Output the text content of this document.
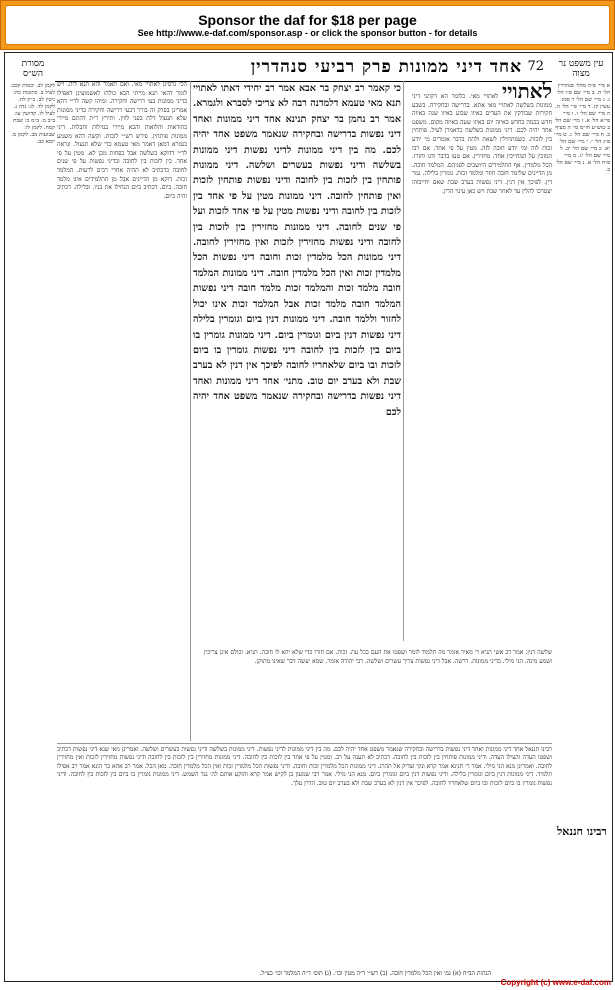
Sponsor the daf for $18 per page
See http://www.e-daf.com/sponsor.asp - or click the sponsor button - for details
מסורת הש״ס	אחד דיני ממונות פרק רביעי סנהדרין 72 עין משפט נר מצוה
לקמן לב. יבמות קכב: לעיל ב. כתובות כה: גיטין לב. ב״ק לח. לקמן לד. לג: נדה נ. לעיל לו. קדושין עו: ב״ב מ. ב״מ כ: שבת קמח. לקמן לו: שבועות מב. לקמן מ. יומא כב.
א מיי׳ פ״ה מהל׳ סנהדרין הל׳ ח. ב מיי׳ שם פ״ו הל׳ ג. ג מיי׳ שם הל׳ ד סמג עשין קז. ד מיי׳ פ״י הל׳ ה. ה מיי׳ שם הל׳ ו. ו מיי׳ פי״א הל׳ א. ז מיי׳ שם הל׳ ב טוש״ע חו״מ סי׳ ה סעיף ב. ח מיי׳ שם הל׳ ג. ט מיי׳ פ״ג הל׳ י. י מיי׳ שם הל׳ יא. כ מיי׳ שם הל׳ יב. ל מיי׳ שם הל׳ יג. מ מיי׳ פ״ח הל׳ א. נ מיי׳ שם הל׳ ב.
רבינו חננאל
לאתויי לאתויי מאי. כלומר הא דקתני דיני ממונות בשלשה לאתויי מאי אתא. בדרישה ובחקירה. בשבע חקירות שבודקין את העדים באיזו שבוע באיזו שנה באיזה חדש בכמה בחדש באיזה יום באיזו שעה באיזה מקום. משפט אחד יהיה לכם. דיני ממונות בשלשה כדאמרן לעיל. פותחין בין לזכות. כשמתחילין לשאת ולתת בדבר אומרים מי יודע זכות לזה ומי יודע חובה לזה. מטין על פי אחד. אם רבו המזכין על המחייבין אחד. מחזירין. אם טעו בדבר ודנו וחזרו. הכל מלמדין. אף התלמידים היושבים לפניהם. המלמד חובה. מן הדיינים שלימד חובה חוזר ומלמד זכות. גומרין בלילה. גמר דין. לפיכך אין דנין. דיני נפשות בערב שבת שאם יחייבוהו יצטרכו להלין עד לאחר שבת ויש כאן עינוי הדין.
כי קאמר רב יצחק בר אבא אמר רב יחידי דאתו לאתויי תנא מאי טעמא דלמדנה רבה לא צריכי לסברא ולגמרא. אמר רב נחמן בר יצחק תנינא אחד דיני ממונות ואחד דיני נפשות בדרישה ובחקירה שנאמר משפט אחד יהיה לכם. מה בין דיני ממונות לדיני נפשות דיני ממונות בשלשה ודיני נפשות בעשרים ושלשה. דיני ממונות פותחין בין לזכות בין לחובה ודיני נפשות פותחין לזכות ואין פותחין לחובה. דיני ממונות מטין על פי אחד בין לזכות בין לחובה ודיני נפשות מטין על פי אחד לזכות ועל פי שנים לחובה. דיני ממונות מחזירין בין לזכות בין לחובה ודיני נפשות מחזירין לזכות ואין מחזירין לחובה. דיני ממונות הכל מלמדין זכות וחובה דיני נפשות הכל מלמדין זכות ואין הכל מלמדין חובה. דיני ממונות המלמד חובה מלמד זכות והמלמד זכות מלמד חובה דיני נפשות המלמד חובה מלמד זכות אבל המלמד זכות אינו יכול לחזור וללמד חובה. דיני ממונות דנין ביום וגומרין בלילה דיני נפשות דנין ביום וגומרין ביום. דיני ממונות גומרין בו ביום בין לזכות בין לחובה דיני נפשות גומרין בו ביום לזכות ובו ביום שלאחריו לחובה לפיכך אין דנין לא בערב שבת ולא בערב יום טוב. מתני׳ אחד דיני ממונות ואחד דיני נפשות בדרישה ובחקירה שנאמר משפט אחד יהיה לכם
הכי גרסינן לאתויי מאי. ואם תאמר והא תנא ליה. ויש לומר דהאי תנא מייתי הכא כולהו לאשמועינן דאפילו בדיני ממונות בעי דרישה וחקירה. ומיהו קשה לר״י דהא אמרינן בפרק זה בורר דבעי דרישה וחקירה בדיני ממונות שלא תנעול דלת בפני לווין. ותירץ ר״ת דהתם מיירי בהודאות והלואות והכא מיירי בגזילות וחבלות. דיני ממונות פותחין. פירש רש״י לזכות. וקשה דהא משמע בגמרא דמאן דאמר מאי טעמא כדי שלא תנעול. ונראה לר״י דדוקא בשלשה אבל בפחות מכן לא. מטין על פי אחד. בין לזכות בין לחובה ובדיני נפשות על פי שנים לחובה כדכתיב לא תהיה אחרי רבים לרעות. המלמד זכות. דוקא מן הדיינים אבל מן התלמידים אינו מלמד חובה. ביום. דכתיב ביום הנחילו את בניו. ובלילה. דכתיב והיה ביום.
שלשה דנין. אמר רב אשי תניא ר׳ מאיר אומר מה תלמוד לומר ושפטו את העם בכל עת. זכות. אם חזרו כדי שלא יהא לו חובה. תניא. וכולם אינן צריכין ושמע מינה. הני מילי. בדיני ממונות. דרשה. אבל דיני נפשות צריך עשרים ושלשה. רבי יהודה אומר. שמא יעשה דבר שאינו מתוקן.
רבינו חננאל אחד דיני ממונות ואחד דיני נפשות בדרישה ובחקירה שנאמר משפט אחד יהיה לכם. מה בין דיני ממונות לדיני נפשות. דיני ממונות בשלשה ודיני נפשות בעשרים ושלשה. ואמרינן מאי שנא דיני נפשות דכתיב ושפטו העדה והצילו העדה. ודיני ממונות פותחין בין לזכות בין לחובה. דכתיב לא תענה על רב. ומטין על פי אחד בין לזכות בין לחובה. דיני ממונות מחזירין בין לזכות בין לחובה ודיני נפשות מחזירין לזכות ואין מחזירין לחובה. ואמרינן מנא הני מילי. אמר ר׳ חנינא אמר קרא ונקי וצדיק אל תהרג. דיני ממונות הכל מלמדין זכות וחובה. ודיני נפשות הכל מלמדין זכות ואין הכל מלמדין חובה. מאן הכל. אמר רב אחא בר הונא אמר רב אפילו תלמיד. דיני ממונות דנין ביום וגומרין בלילה. ודיני נפשות דנין ביום וגומרין ביום. מנא הני מילי. אמר רבי שמעון בן לקיש אמר קרא והוקע אותם לה׳ נגד השמש. דיני ממונות גומרין בו ביום בין לזכות בין לחובה. ודיני נפשות גומרין בו ביום לזכות ובו ביום שלאחריו לחובה. לפיכך אין דנין לא בערב שבת ולא בערב יום טוב. הדרן עלך.
הגהות הב״ח (א) גמ׳ ואין הכל מלמדין חובה. (ב) רש״י ד״ה מטין וכו׳. (ג) תוס׳ ד״ה המלמד וכו׳ כצ״ל.
Copyright (c) www.e-daf.com
